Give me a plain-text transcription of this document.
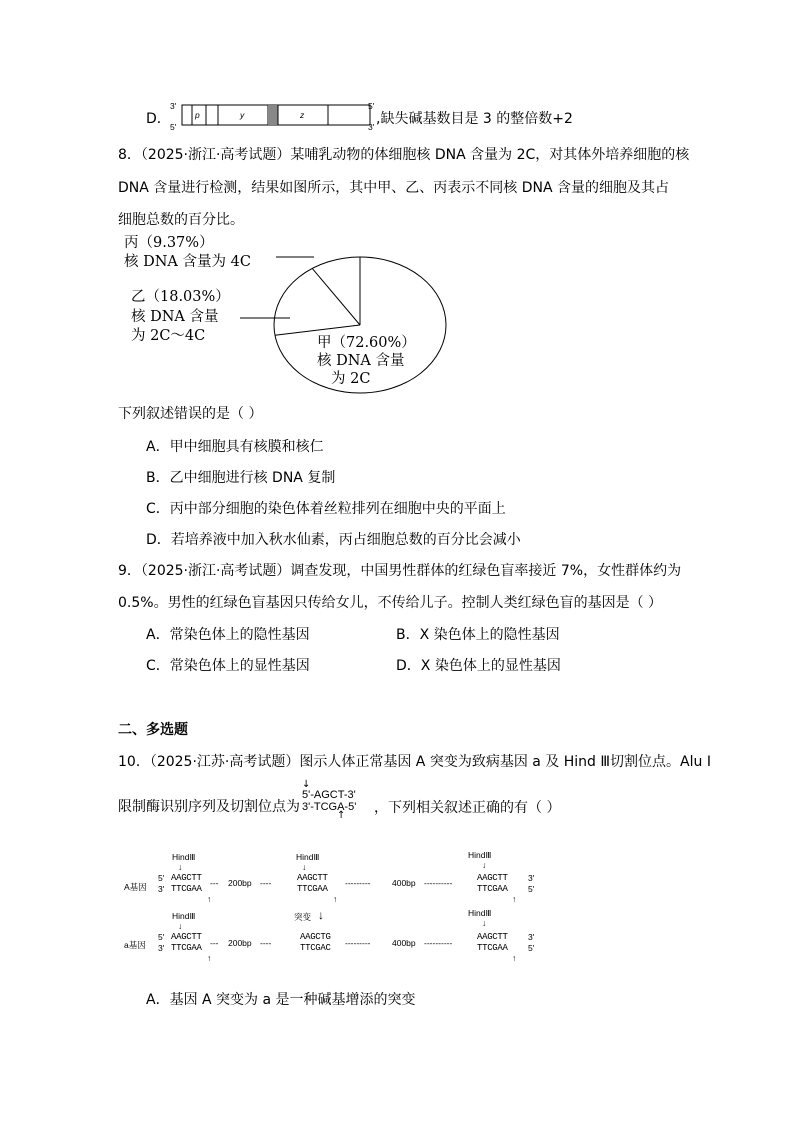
D．
3'
5'
p	y	z
5'
3' ,缺失碱基数目是 3 的整倍数+2
8．（2025·浙江·高考试题）某哺乳动物的体细胞核 DNA 含量为 2C，对其体外培养细胞的核
DNA 含量进行检测，结果如图所示，其中甲、乙、丙表示不同核 DNA 含量的细胞及其占
细胞总数的百分比。
丙（9.37%）
核 DNA 含量为 4C
乙（18.03%）
核 DNA 含量
为 2C～4C	甲（72.60%）
核 DNA 含量
为 2C
下列叙述错误的是（ ）
A．甲中细胞具有核膜和核仁
B．乙中细胞进行核 DNA 复制
C．丙中部分细胞的染色体着丝粒排列在细胞中央的平面上
D．若培养液中加入秋水仙素，丙占细胞总数的百分比会减小
9．（2025·浙江·高考试题）调查发现，中国男性群体的红绿色盲率接近 7%，女性群体约为
0.5%。男性的红绿色盲基因只传给女儿，不传给儿子。控制人类红绿色盲的基因是（ ）
A．常染色体上的隐性基因	B．X 染色体上的隐性基因
C．常染色体上的显性基因	D．X 染色体上的显性基因
二、多选题
10．（2025·江苏·高考试题）图示人体正常基因 A 突变为致病基因 a 及 Hind Ⅲ切割位点。Alu Ⅰ
限制酶识别序列及切割位点为
↓
5'-AGCT-3'
3'-TCGA-5'
↑ ，下列相关叙述正确的有（ ）
HindⅢ
↓
HindⅢ
↓
HindⅢ
↓
A基因
5'
3'
AAGCTT
TTCGAA
--- 200bp ----	AAGCTT
TTCGAA
---------	400bp ----------	AAGCTT
TTCGAA
3'
5'
↑	↑	↑
突变 ↓
HindⅢ
↓
HindⅢ
↓
a基因
5'
3'
AAGCTT
TTCGAA --- 200bp ----
AAGCTG
TTCGAC ---------	400bp ----------
AAGCTT
TTCGAA
3'
5'
↑	↑
A．基因 A 突变为 a 是一种碱基增添的突变
